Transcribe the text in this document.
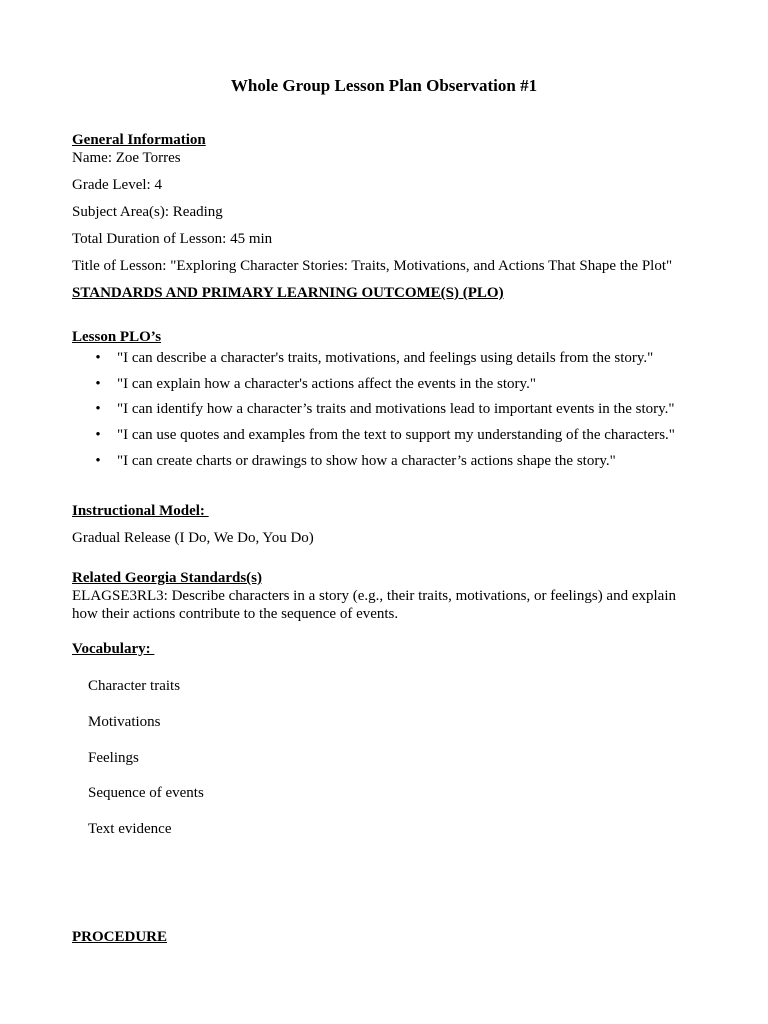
Whole Group Lesson Plan Observation #1
General Information
Name: Zoe Torres
Grade Level: 4
Subject Area(s): Reading
Total Duration of Lesson: 45 min
Title of Lesson: "Exploring Character Stories: Traits, Motivations, and Actions That Shape the Plot"
STANDARDS AND PRIMARY LEARNING OUTCOME(S) (PLO)
Lesson PLO’s
• "I can describe a character's traits, motivations, and feelings using details from the story."
• "I can explain how a character's actions affect the events in the story."
• "I can identify how a character’s traits and motivations lead to important events in the story."
• "I can use quotes and examples from the text to support my understanding of the characters."
• "I can create charts or drawings to show how a character’s actions shape the story."
Instructional Model:
Gradual Release (I Do, We Do, You Do)
Related Georgia Standards(s)
ELAGSE3RL3: Describe characters in a story (e.g., their traits, motivations, or feelings) and explain how their actions contribute to the sequence of events.
Vocabulary:
Character traits
Motivations
Feelings
Sequence of events
Text evidence
PROCEDURE
